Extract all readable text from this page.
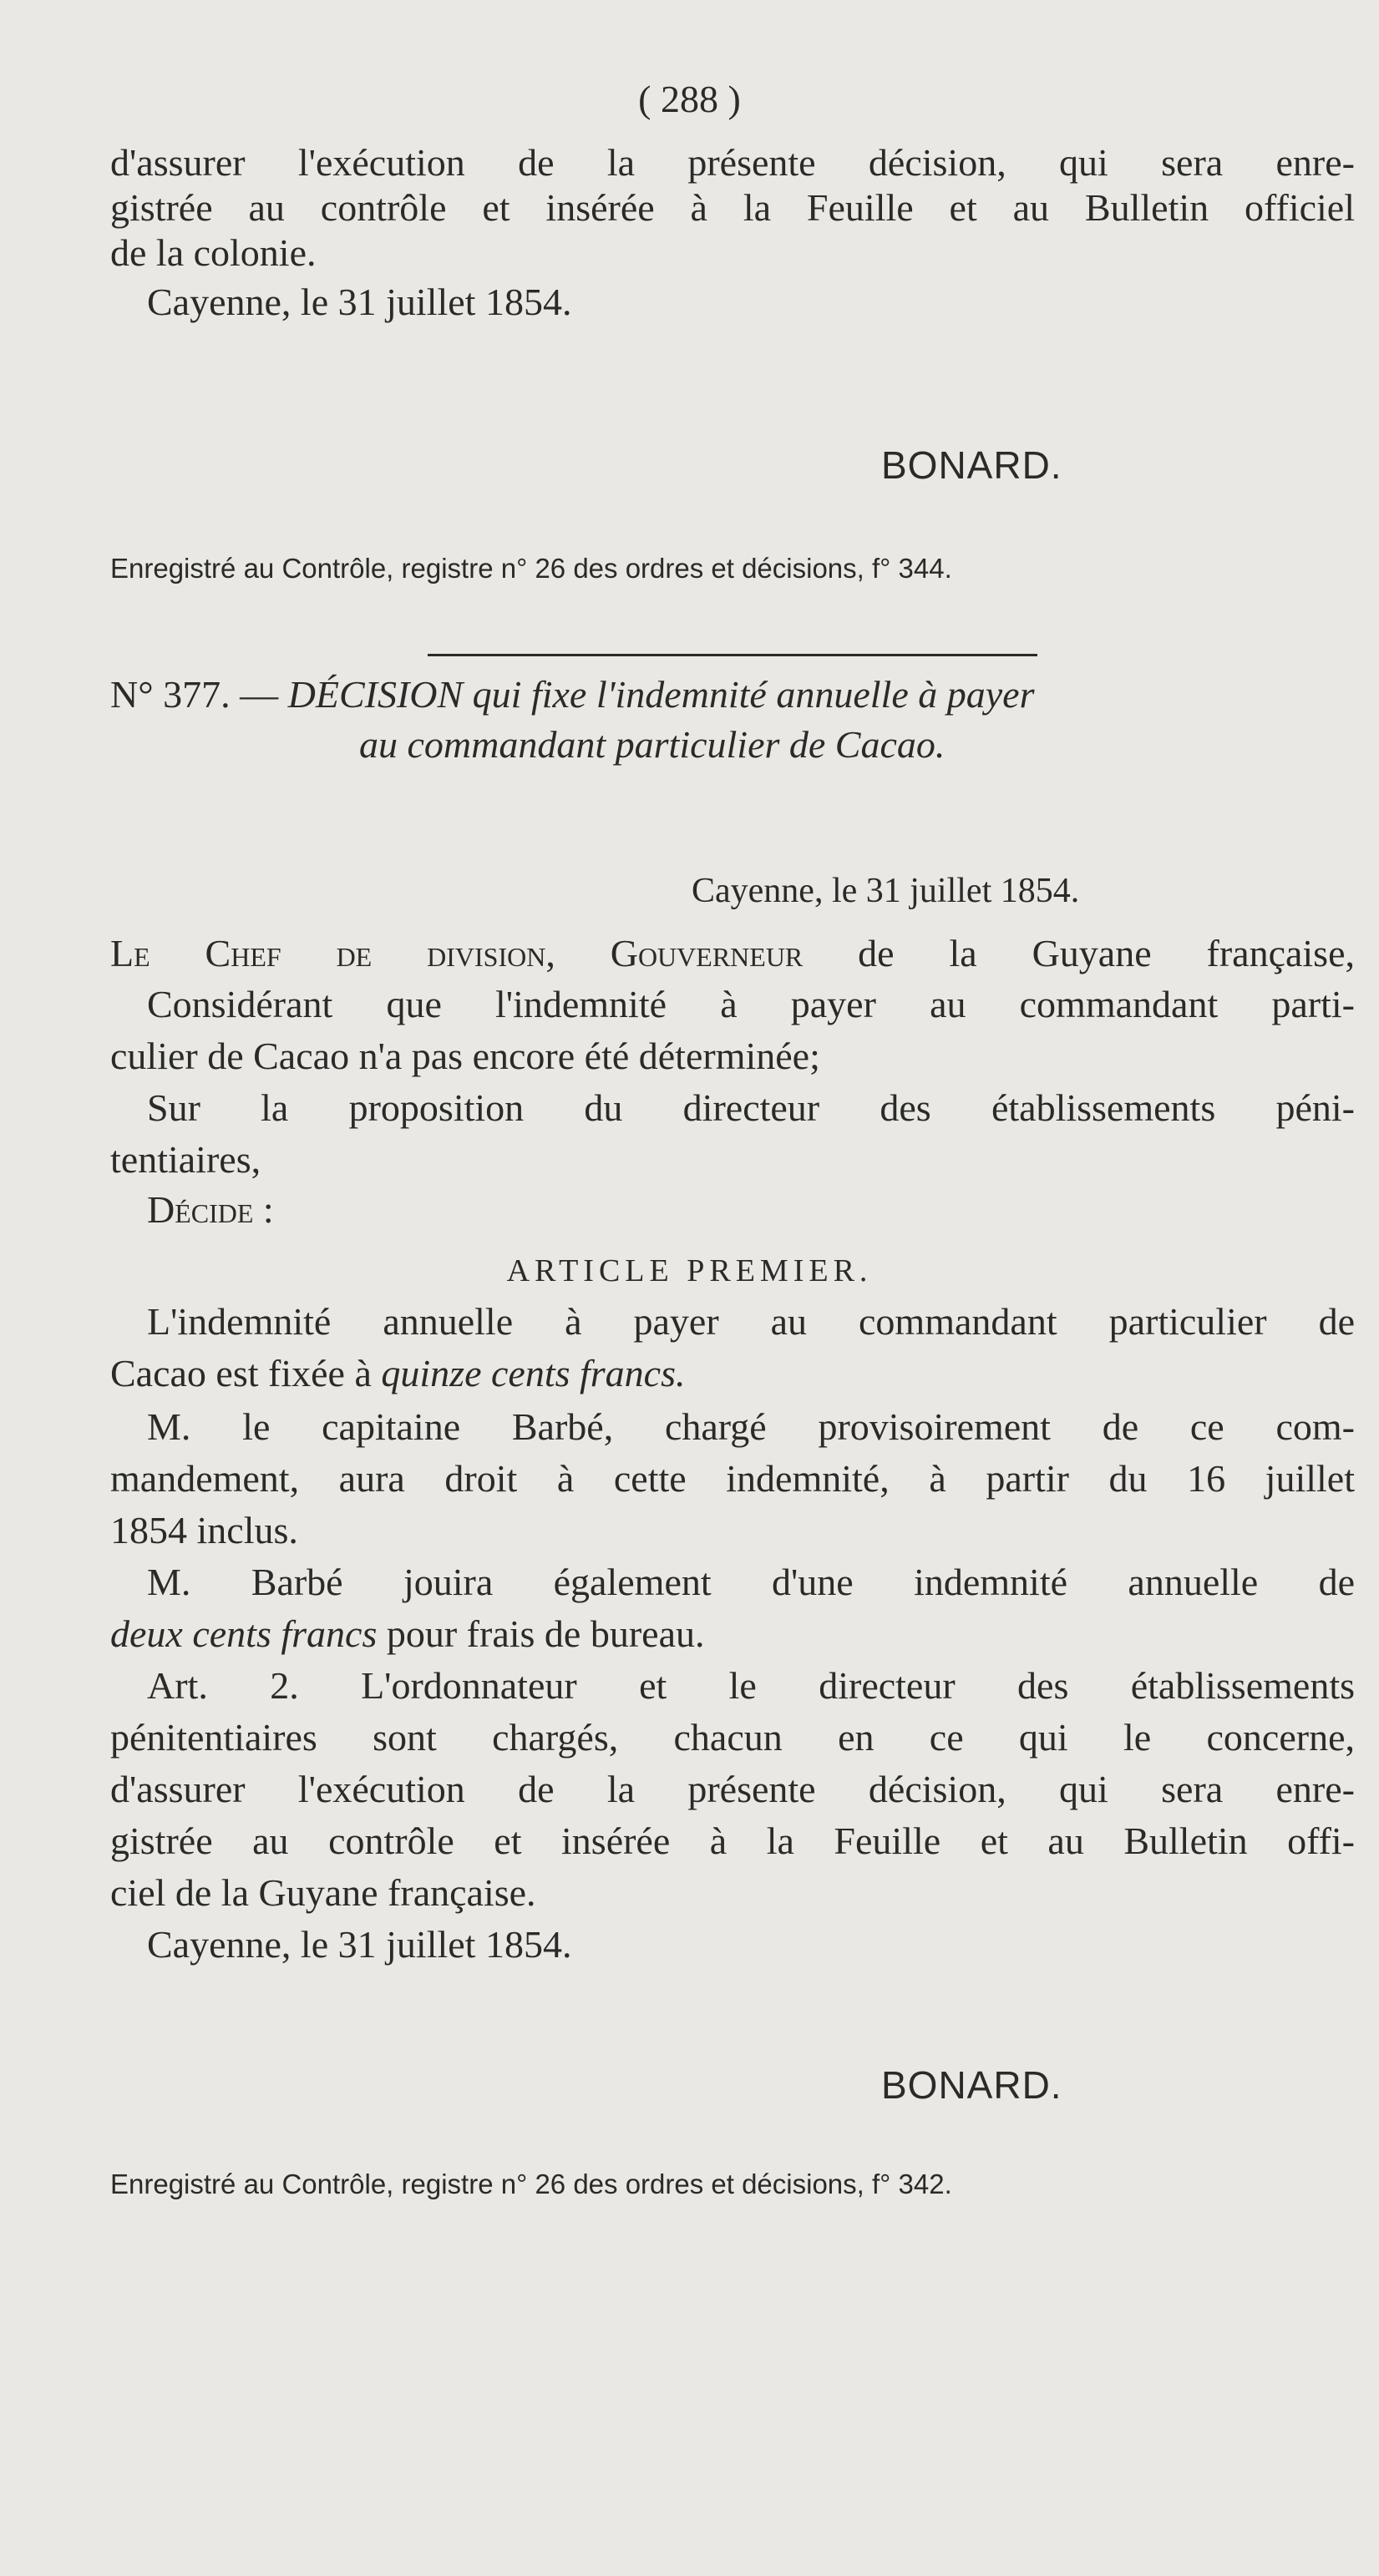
( 288 )
d'assurer l'exécution de la présente décision, qui sera enre-
gistrée au contrôle et insérée à la Feuille et au Bulletin officiel
de la colonie.
Cayenne, le 31 juillet 1854.
BONARD.
Enregistré au Contrôle, registre n° 26 des ordres et décisions, f° 344.
N° 377. — DÉCISION qui fixe l'indemnité annuelle à payer
au commandant particulier de Cacao.
Cayenne, le 31 juillet 1854.
Le Chef de division, Gouverneur de la Guyane française,
Considérant que l'indemnité à payer au commandant parti-
culier de Cacao n'a pas encore été déterminée;
Sur la proposition du directeur des établissements péni-
tentiaires,
Décide :
ARTICLE PREMIER.
L'indemnité annuelle à payer au commandant particulier de
Cacao est fixée à quinze cents francs.
M. le capitaine Barbé, chargé provisoirement de ce com-
mandement, aura droit à cette indemnité, à partir du 16 juillet
1854 inclus.
M. Barbé jouira également d'une indemnité annuelle de
deux cents francs pour frais de bureau.
Art. 2. L'ordonnateur et le directeur des établissements
pénitentiaires sont chargés, chacun en ce qui le concerne,
d'assurer l'exécution de la présente décision, qui sera enre-
gistrée au contrôle et insérée à la Feuille et au Bulletin offi-
ciel de la Guyane française.
Cayenne, le 31 juillet 1854.
BONARD.
Enregistré au Contrôle, registre n° 26 des ordres et décisions, f° 342.
